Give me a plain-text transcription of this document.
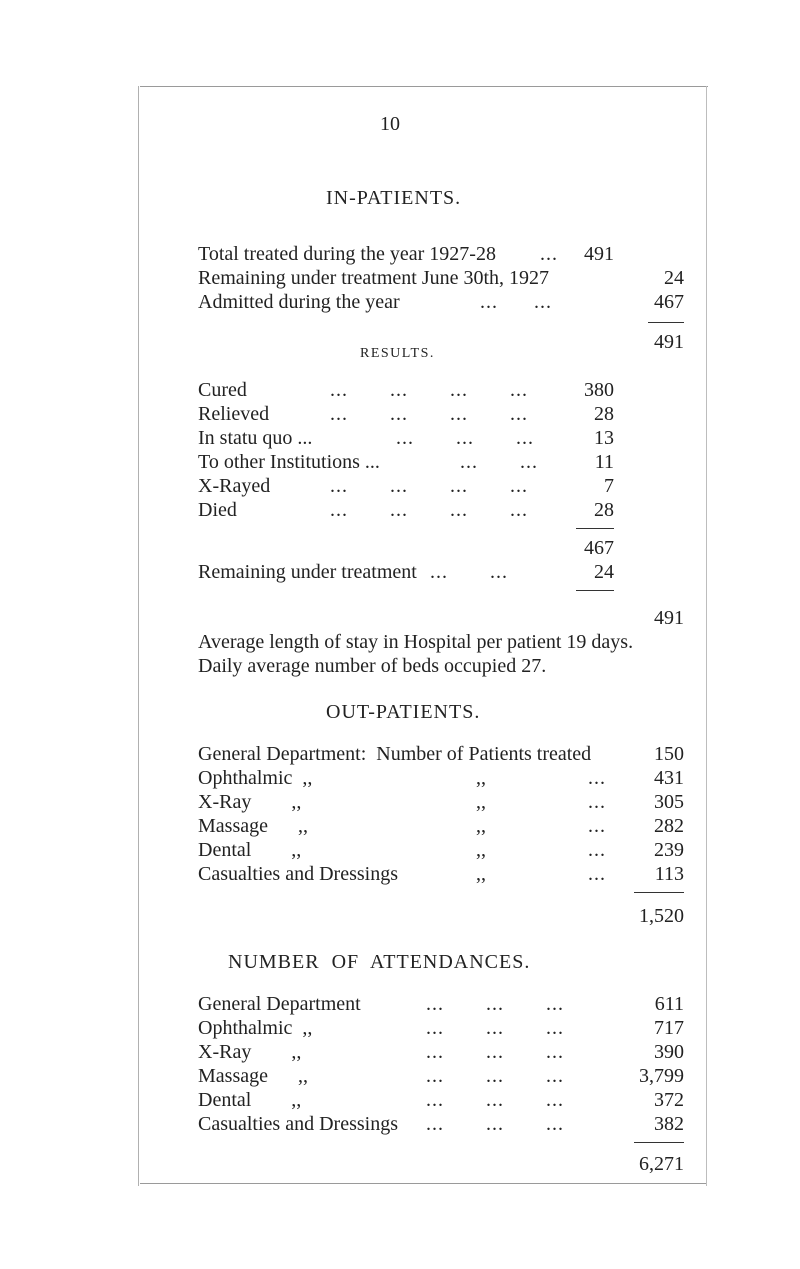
10
IN-PATIENTS.
Total treated during the year 1927-28 ...	491
Remaining under treatment June 30th, 1927	24
Admitted during the year	...      ...	467
491
RESULTS.
Cured	...       ...       ...       ...	380
Relieved	...       ...       ...       ...	28
In statu quo ...	...       ...       ...	13
To other Institutions ...	...       ...	11
X-Rayed	...       ...       ...       ...	7
Died	...       ...       ...       ...	28
467
Remaining under treatment ...       ...	24
491
Average length of stay in Hospital per patient 19 days.
Daily average number of beds occupied 27.
OUT-PATIENTS.
General Department:  Number of Patients treated	150
Ophthalmic  ,,	,,	...	431
X-Ray        ,,	,,	...	305
Massage      ,,	,,	...	282
Dental        ,,	,,	...	239
Casualties and Dressings	,,	...	113
1,520
NUMBER  OF  ATTENDANCES.
General Department	...       ...       ...	611
Ophthalmic  ,,	...       ...       ...	717
X-Ray        ,,	...       ...       ...	390
Massage      ,,	...       ...       ...	3,799
Dental        ,,	...       ...       ...	372
Casualties and Dressings ...       ...       ...	382
6,271
